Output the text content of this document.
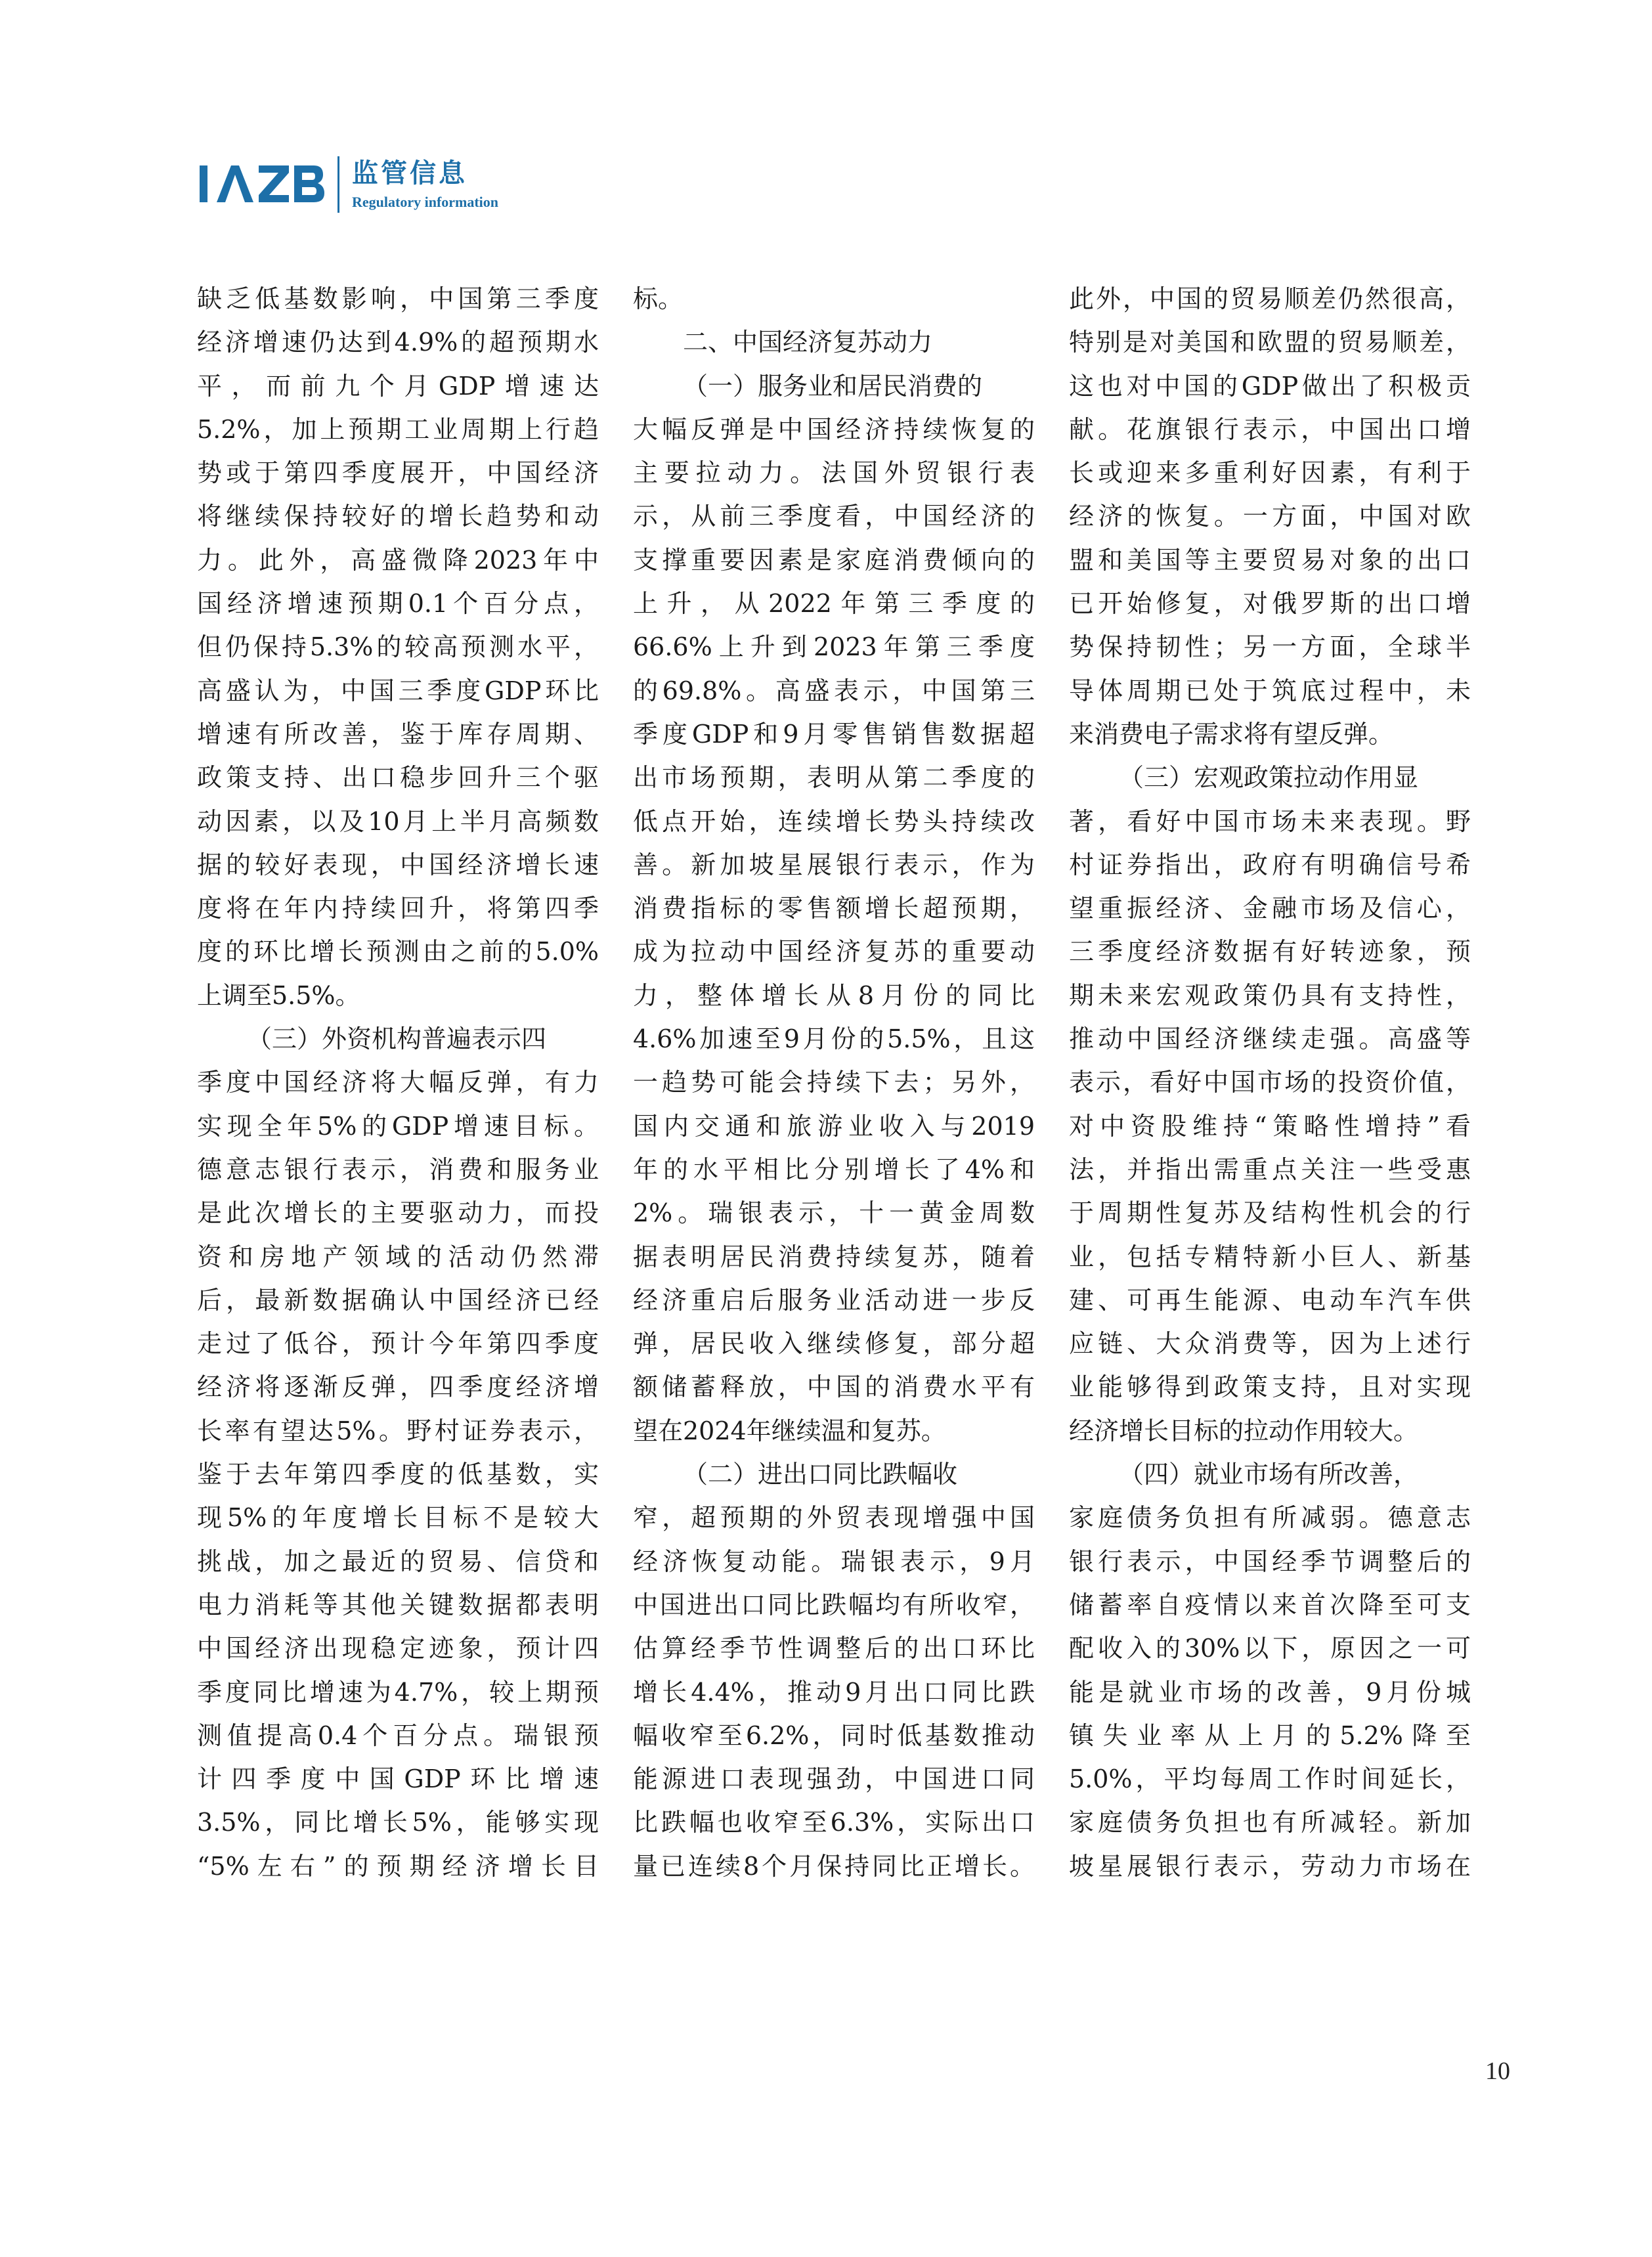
监管信息
Regulatory information
缺乏低基数影响，中国第三季度
经济增速仍达到4.9%的超预期水
平，而前九个月GDP增速达
5.2%，加上预期工业周期上行趋
势或于第四季度展开，中国经济
将继续保持较好的增长趋势和动
力。此外，高盛微降2023年中
国经济增速预期0.1个百分点，
但仍保持5.3%的较高预测水平，
高盛认为，中国三季度GDP环比
增速有所改善，鉴于库存周期、
政策支持、出口稳步回升三个驱
动因素，以及10月上半月高频数
据的较好表现，中国经济增长速
度将在年内持续回升，将第四季
度的环比增长预测由之前的5.0%
上调至5.5%。
（三）外资机构普遍表示四
季度中国经济将大幅反弹，有力
实现全年5%的GDP增速目标。
德意志银行表示，消费和服务业
是此次增长的主要驱动力，而投
资和房地产领域的活动仍然滞
后，最新数据确认中国经济已经
走过了低谷，预计今年第四季度
经济将逐渐反弹，四季度经济增
长率有望达5%。野村证券表示，
鉴于去年第四季度的低基数，实
现5%的年度增长目标不是较大
挑战，加之最近的贸易、信贷和
电力消耗等其他关键数据都表明
中国经济出现稳定迹象，预计四
季度同比增速为4.7%，较上期预
测值提高0.4个百分点。瑞银预
计四季度中国GDP环比增速
3.5%，同比增长5%，能够实现
“5%左右”的预期经济增长目
标。
二、中国经济复苏动力
（一）服务业和居民消费的
大幅反弹是中国经济持续恢复的
主要拉动力。法国外贸银行表
示，从前三季度看，中国经济的
支撑重要因素是家庭消费倾向的
上升，从2022年第三季度的
66.6%上升到2023年第三季度
的69.8%。高盛表示，中国第三
季度GDP和9月零售销售数据超
出市场预期，表明从第二季度的
低点开始，连续增长势头持续改
善。新加坡星展银行表示，作为
消费指标的零售额增长超预期，
成为拉动中国经济复苏的重要动
力，整体增长从8月份的同比
4.6%加速至9月份的5.5%，且这
一趋势可能会持续下去；另外，
国内交通和旅游业收入与2019
年的水平相比分别增长了4%和
2%。瑞银表示，十一黄金周数
据表明居民消费持续复苏，随着
经济重启后服务业活动进一步反
弹，居民收入继续修复，部分超
额储蓄释放，中国的消费水平有
望在2024年继续温和复苏。
（二）进出口同比跌幅收
窄，超预期的外贸表现增强中国
经济恢复动能。瑞银表示，9月
中国进出口同比跌幅均有所收窄，
估算经季节性调整后的出口环比
增长4.4%，推动9月出口同比跌
幅收窄至6.2%，同时低基数推动
能源进口表现强劲，中国进口同
比跌幅也收窄至6.3%，实际出口
量已连续8个月保持同比正增长。
此外，中国的贸易顺差仍然很高，
特别是对美国和欧盟的贸易顺差，
这也对中国的GDP做出了积极贡
献。花旗银行表示，中国出口增
长或迎来多重利好因素，有利于
经济的恢复。一方面，中国对欧
盟和美国等主要贸易对象的出口
已开始修复，对俄罗斯的出口增
势保持韧性；另一方面，全球半
导体周期已处于筑底过程中，未
来消费电子需求将有望反弹。
（三）宏观政策拉动作用显
著，看好中国市场未来表现。野
村证券指出，政府有明确信号希
望重振经济、金融市场及信心，
三季度经济数据有好转迹象，预
期未来宏观政策仍具有支持性，
推动中国经济继续走强。高盛等
表示，看好中国市场的投资价值，
对中资股维持“策略性增持”看
法，并指出需重点关注一些受惠
于周期性复苏及结构性机会的行
业，包括专精特新小巨人、新基
建、可再生能源、电动车汽车供
应链、大众消费等，因为上述行
业能够得到政策支持，且对实现
经济增长目标的拉动作用较大。
（四）就业市场有所改善，
家庭债务负担有所减弱。德意志
银行表示，中国经季节调整后的
储蓄率自疫情以来首次降至可支
配收入的30%以下，原因之一可
能是就业市场的改善，9月份城
镇失业率从上月的5.2%降至
5.0%，平均每周工作时间延长，
家庭债务负担也有所减轻。新加
坡星展银行表示，劳动力市场在
10
